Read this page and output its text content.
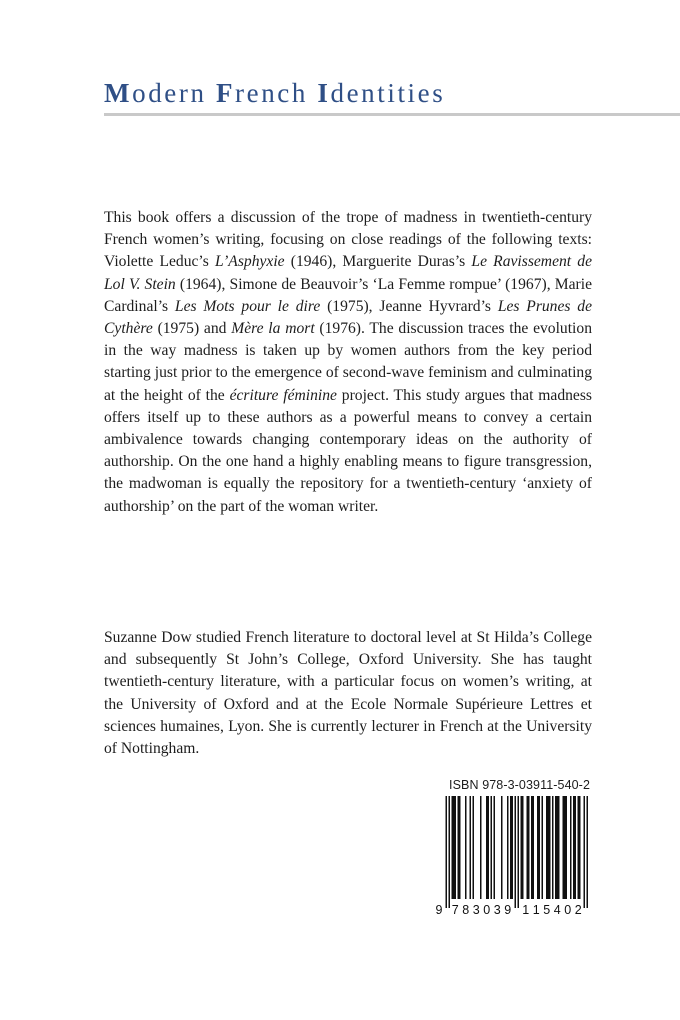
Modern French Identities
This book offers a discussion of the trope of madness in twentieth-century French women’s writing, focusing on close readings of the following texts: Violette Leduc’s L’Asphyxie (1946), Marguerite Duras’s Le Ravissement de Lol V. Stein (1964), Simone de Beauvoir’s ‘La Femme rompue’ (1967), Marie Cardinal’s Les Mots pour le dire (1975), Jeanne Hyvrard’s Les Prunes de Cythère (1975) and Mère la mort (1976). The discussion traces the evolution in the way madness is taken up by women authors from the key period starting just prior to the emergence of second-wave feminism and culminating at the height of the écriture féminine project. This study argues that madness offers itself up to these authors as a powerful means to convey a certain ambivalence towards changing contemporary ideas on the authority of authorship. On the one hand a highly enabling means to figure transgression, the madwoman is equally the repository for a twentieth-century ‘anxiety of authorship’ on the part of the woman writer.
Suzanne Dow studied French literature to doctoral level at St Hilda’s College and subsequently St John’s College, Oxford University. She has taught twentieth-century literature, with a particular focus on women’s writing, at the University of Oxford and at the Ecole Normale Supérieure Lettres et sciences humaines, Lyon. She is currently lecturer in French at the University of Nottingham.
ISBN 978-3-03911-540-2
9 7 8 3 0 3 9 1 1 5 4 0 2
